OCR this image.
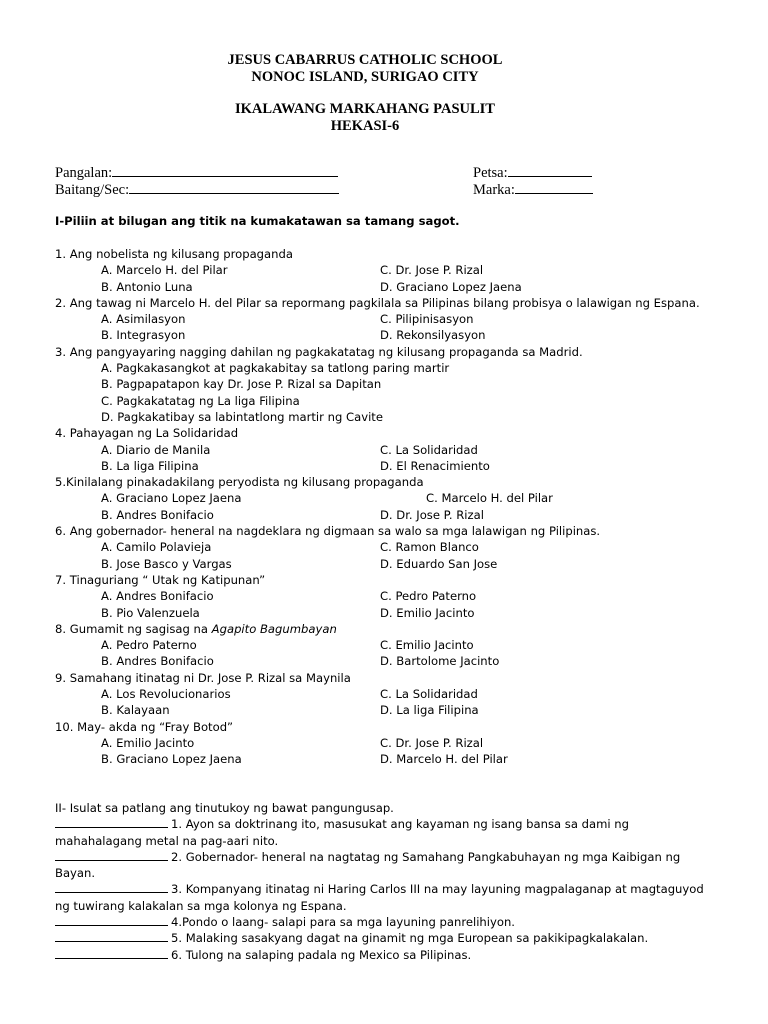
JESUS CABARRUS CATHOLIC SCHOOL
NONOC ISLAND, SURIGAO CITY
IKALAWANG MARKAHANG PASULIT
HEKASI-6
Pangalan:	Petsa:
Baitang/Sec:	Marka:
I-Piliin at bilugan ang titik na kumakatawan sa tamang sagot.
1. Ang nobelista ng kilusang propaganda
A. Marcelo H. del Pilar	C. Dr. Jose P. Rizal
B. Antonio Luna	D. Graciano Lopez Jaena
2. Ang tawag ni Marcelo H. del Pilar sa repormang pagkilala sa Pilipinas bilang probisya o lalawigan ng Espana.
A. Asimilasyon	C. Pilipinisasyon
B. Integrasyon	D. Rekonsilyasyon
3. Ang pangyayaring nagging dahilan ng pagkakatatag ng kilusang propaganda sa Madrid.
A. Pagkakasangkot at pagkakabitay sa tatlong paring martir
B. Pagpapatapon kay Dr. Jose P. Rizal sa Dapitan
C. Pagkakatatag ng La liga Filipina
D. Pagkakatibay sa labintatlong martir ng Cavite
4. Pahayagan ng La Solidaridad
A. Diario de Manila	C. La Solidaridad
B. La liga Filipina	D. El Renacimiento
5.Kinilalang pinakadakilang peryodista ng kilusang propaganda
A. Graciano Lopez Jaena	C. Marcelo H. del Pilar
B. Andres Bonifacio	D. Dr. Jose P. Rizal
6. Ang gobernador- heneral na nagdeklara ng digmaan sa walo sa mga lalawigan ng Pilipinas.
A. Camilo Polavieja	C. Ramon Blanco
B. Jose Basco y Vargas	D. Eduardo San Jose
7. Tinaguriang “ Utak ng Katipunan”
A. Andres Bonifacio	C. Pedro Paterno
B. Pio Valenzuela	D. Emilio Jacinto
8. Gumamit ng sagisag na Agapito Bagumbayan
A. Pedro Paterno	C. Emilio Jacinto
B. Andres Bonifacio	D. Bartolome Jacinto
9. Samahang itinatag ni Dr. Jose P. Rizal sa Maynila
A. Los Revolucionarios	C. La Solidaridad
B. Kalayaan	D. La liga Filipina
10. May- akda ng “Fray Botod”
A. Emilio Jacinto	C. Dr. Jose P. Rizal
B. Graciano Lopez Jaena	D. Marcelo H. del Pilar
II- Isulat sa patlang ang tinutukoy ng bawat pangungusap.
1. Ayon sa doktrinang ito, masusukat ang kayaman ng isang bansa sa dami ng mahahalagang metal na pag-aari nito.
2. Gobernador- heneral na nagtatag ng Samahang Pangkabuhayan ng mga Kaibigan ng Bayan.
3. Kompanyang itinatag ni Haring Carlos III na may layuning magpalaganap at magtaguyod ng tuwirang kalakalan sa mga kolonya ng Espana.
4.Pondo o laang- salapi para sa mga layuning panrelihiyon.
5. Malaking sasakyang dagat na ginamit ng mga European sa pakikipagkalakalan.
6. Tulong na salaping padala ng Mexico sa Pilipinas.
